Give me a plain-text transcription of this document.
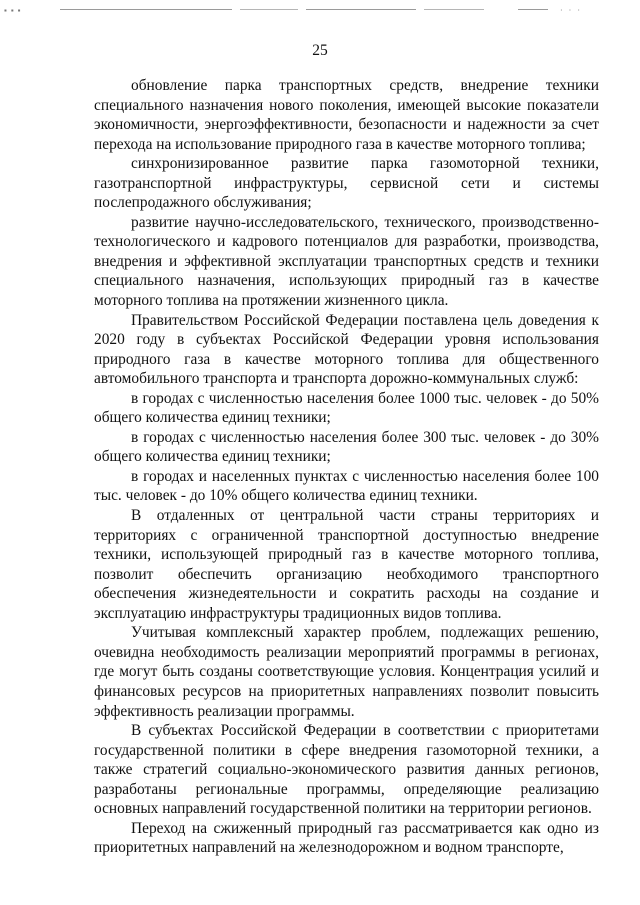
▪ ▪ ▪	· · ·
25

обновление парка транспортных средств, внедрение техники специального назначения нового поколения, имеющей высокие показатели экономичности, энергоэффективности, безопасности и надежности за счет перехода на использование природного газа в качестве моторного топлива;

синхронизированное развитие парка газомоторной техники, газотранспортной инфраструктуры, сервисной сети и системы послепродажного обслуживания;

развитие научно-исследовательского, технического, производственно-технологического и кадрового потенциалов для разработки, производства, внедрения и эффективной эксплуатации транспортных средств и техники специального назначения, использующих природный газ в качестве моторного топлива на протяжении жизненного цикла.

Правительством Российской Федерации поставлена цель доведения к 2020 году в субъектах Российской Федерации уровня использования природного газа в качестве моторного топлива для общественного автомобильного транспорта и транспорта дорожно-коммунальных служб:

в городах с численностью населения более 1000 тыс. человек - до 50% общего количества единиц техники;

в городах с численностью населения более 300 тыс. человек - до 30% общего количества единиц техники;

в городах и населенных пунктах с численностью населения более 100 тыс. человек - до 10% общего количества единиц техники.

В отдаленных от центральной части страны территориях и территориях с ограниченной транспортной доступностью внедрение техники, использующей природный газ в качестве моторного топлива, позволит обеспечить организацию необходимого транспортного обеспечения жизнедеятельности и сократить расходы на создание и эксплуатацию инфраструктуры традиционных видов топлива.

Учитывая комплексный характер проблем, подлежащих решению, очевидна необходимость реализации мероприятий программы в регионах, где могут быть созданы соответствующие условия. Концентрация усилий и финансовых ресурсов на приоритетных направлениях позволит повысить эффективность реализации программы.

В субъектах Российской Федерации в соответствии с приоритетами государственной политики в сфере внедрения газомоторной техники, а также стратегий социально-экономического развития данных регионов, разработаны региональные программы, определяющие реализацию основных направлений государственной политики на территории регионов.

Переход на сжиженный природный газ рассматривается как одно из приоритетных направлений на железнодорожном и водном транспорте,
